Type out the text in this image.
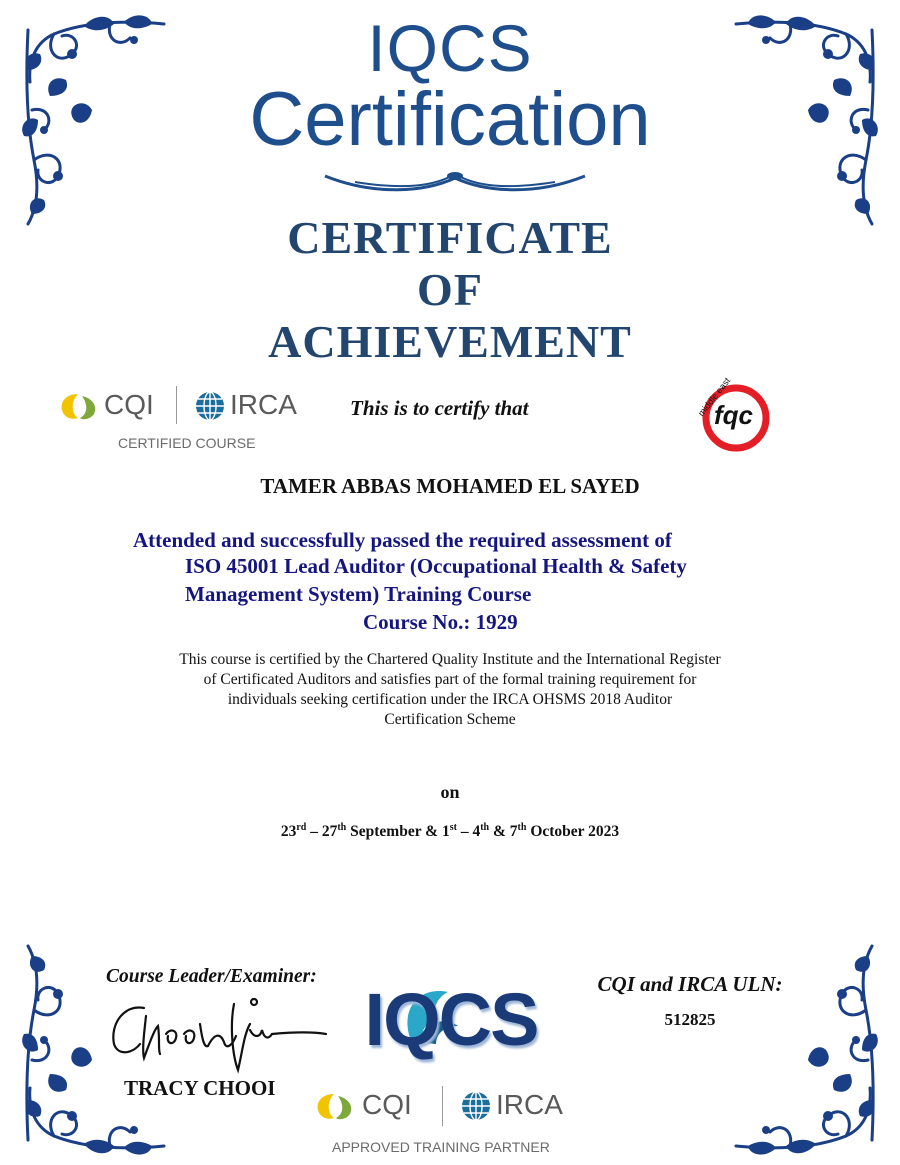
IQCS
Certification
CERTIFICATE
OF
ACHIEVEMENT
CQI	IRCA
CERTIFIED COURSE
This is to certify that	middle east
fqc
TAMER ABBAS MOHAMED EL SAYED
Attended and successfully passed the required assessment of
ISO 45001 Lead Auditor (Occupational Health & Safety
Management System) Training Course
Course No.: 1929
This course is certified by the Chartered Quality Institute and the International Register
of Certificated Auditors and satisfies part of the formal training requirement for
individuals seeking certification under the IRCA OHSMS 2018 Auditor
Certification Scheme
on
23rd – 27th September & 1st – 4th & 7th October 2023
Course Leader/Examiner:
TRACY CHOOI
IQCS
CQI	IRCA
APPROVED TRAINING PARTNER
CQI and IRCA ULN:
512825
